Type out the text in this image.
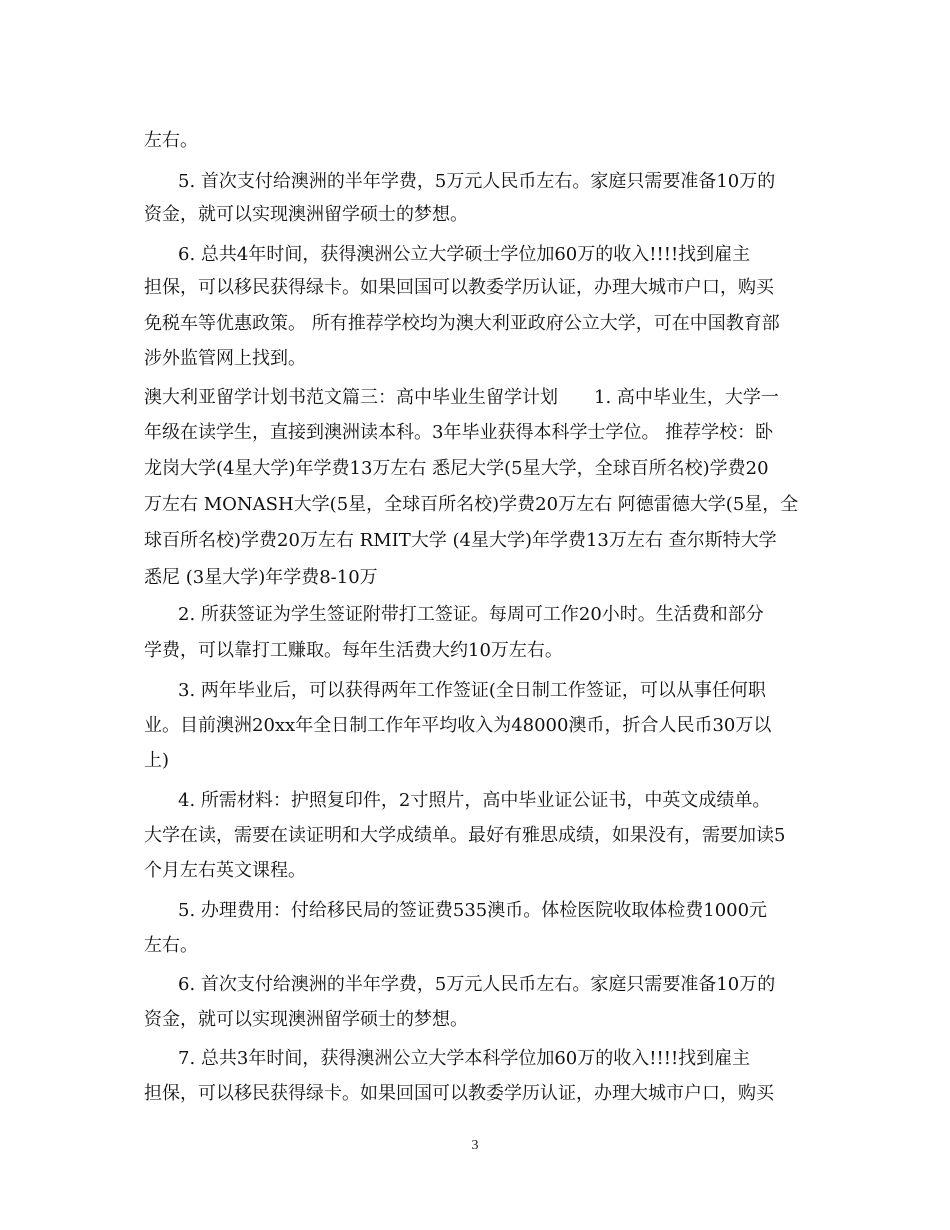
左右。
5. 首次支付给澳洲的半年学费，5万元人民币左右。家庭只需要准备10万的
资金，就可以实现澳洲留学硕士的梦想。
6. 总共4年时间，获得澳洲公立大学硕士学位加60万的收入!!!!找到雇主
担保，可以移民获得绿卡。如果回国可以教委学历认证，办理大城市户口，购买
免税车等优惠政策。 所有推荐学校均为澳大利亚政府公立大学，可在中国教育部
涉外监管网上找到。
澳大利亚留学计划书范文篇三：高中毕业生留学计划　　1. 高中毕业生，大学一
年级在读学生，直接到澳洲读本科。3年毕业获得本科学士学位。 推荐学校：卧
龙岗大学(4星大学)年学费13万左右 悉尼大学(5星大学，全球百所名校)学费20
万左右 MONASH大学(5星，全球百所名校)学费20万左右 阿德雷德大学(5星，全
球百所名校)学费20万左右 RMIT大学 (4星大学)年学费13万左右 查尔斯特大学
悉尼 (3星大学)年学费8-10万
2. 所获签证为学生签证附带打工签证。每周可工作20小时。生活费和部分
学费，可以靠打工赚取。每年生活费大约10万左右。
3. 两年毕业后，可以获得两年工作签证(全日制工作签证，可以从事任何职
业。目前澳洲20xx年全日制工作年平均收入为48000澳币，折合人民币30万以
上)
4. 所需材料：护照复印件，2寸照片，高中毕业证公证书，中英文成绩单。
大学在读，需要在读证明和大学成绩单。最好有雅思成绩，如果没有，需要加读5
个月左右英文课程。
5. 办理费用：付给移民局的签证费535澳币。体检医院收取体检费1000元
左右。
6. 首次支付给澳洲的半年学费，5万元人民币左右。家庭只需要准备10万的
资金，就可以实现澳洲留学硕士的梦想。
7. 总共3年时间，获得澳洲公立大学本科学位加60万的收入!!!!找到雇主
担保，可以移民获得绿卡。如果回国可以教委学历认证，办理大城市户口，购买
3
